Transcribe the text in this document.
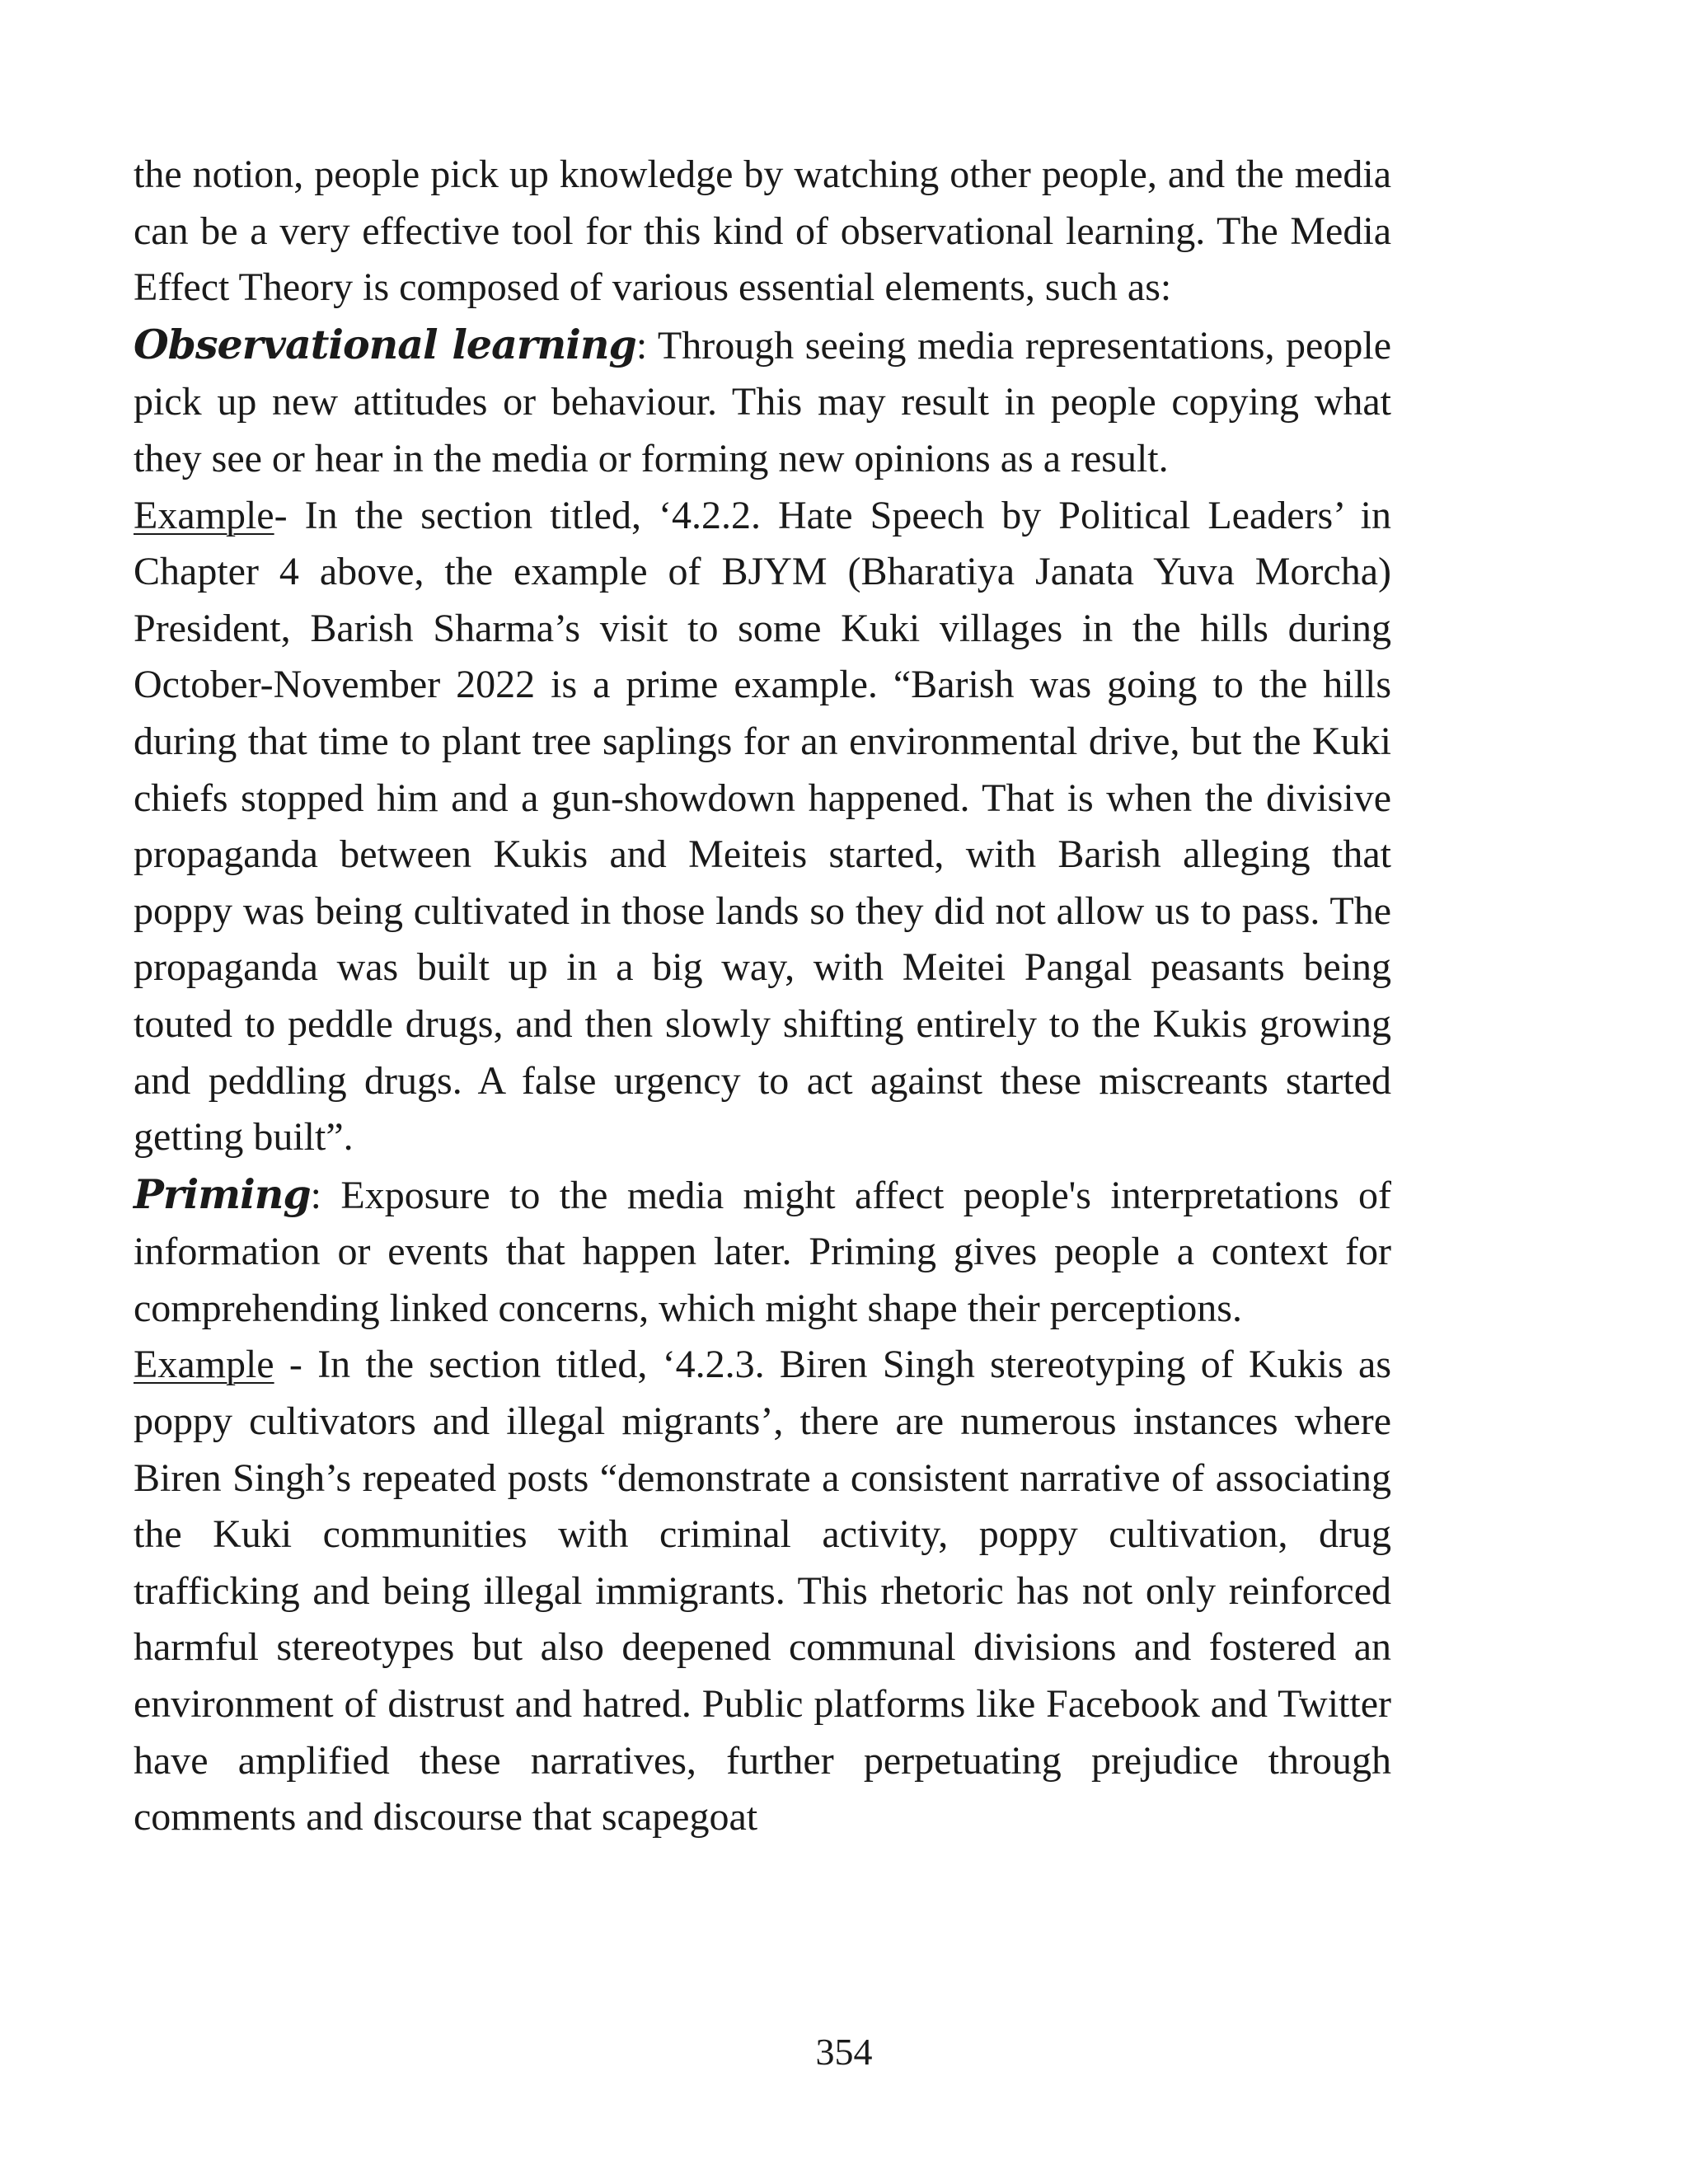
the notion, people pick up knowledge by watching other people, and the media can be a very effective tool for this kind of observational learning. The Media Effect Theory is composed of various essential elements, such as:

Observational learning: Through seeing media representations, people pick up new attitudes or behaviour. This may result in people copying what they see or hear in the media or forming new opinions as a result.

Example- In the section titled, ‘4.2.2. Hate Speech by Political Leaders’ in Chapter 4 above, the example of BJYM (Bharatiya Janata Yuva Morcha) President, Barish Sharma’s visit to some Kuki villages in the hills during October-November 2022 is a prime example. “Barish was going to the hills during that time to plant tree saplings for an environmental drive, but the Kuki chiefs stopped him and a gun-showdown happened. That is when the divisive propaganda between Kukis and Meiteis started, with Barish alleging that poppy was being cultivated in those lands so they did not allow us to pass. The propaganda was built up in a big way, with Meitei Pangal peasants being touted to peddle drugs, and then slowly shifting entirely to the Kukis growing and peddling drugs. A false urgency to act against these miscreants started getting built”.

Priming: Exposure to the media might affect people's interpretations of information or events that happen later. Priming gives people a context for comprehending linked concerns, which might shape their perceptions.

Example - In the section titled, ‘4.2.3. Biren Singh stereotyping of Kukis as poppy cultivators and illegal migrants’, there are numerous instances where Biren Singh’s repeated posts “demonstrate a consistent narrative of associating the Kuki communities with criminal activity, poppy cultivation, drug trafficking and being illegal immigrants. This rhetoric has not only reinforced harmful stereotypes but also deepened communal divisions and fostered an environment of distrust and hatred. Public platforms like Facebook and Twitter have amplified these narratives, further perpetuating prejudice through comments and discourse that scapegoat

354
